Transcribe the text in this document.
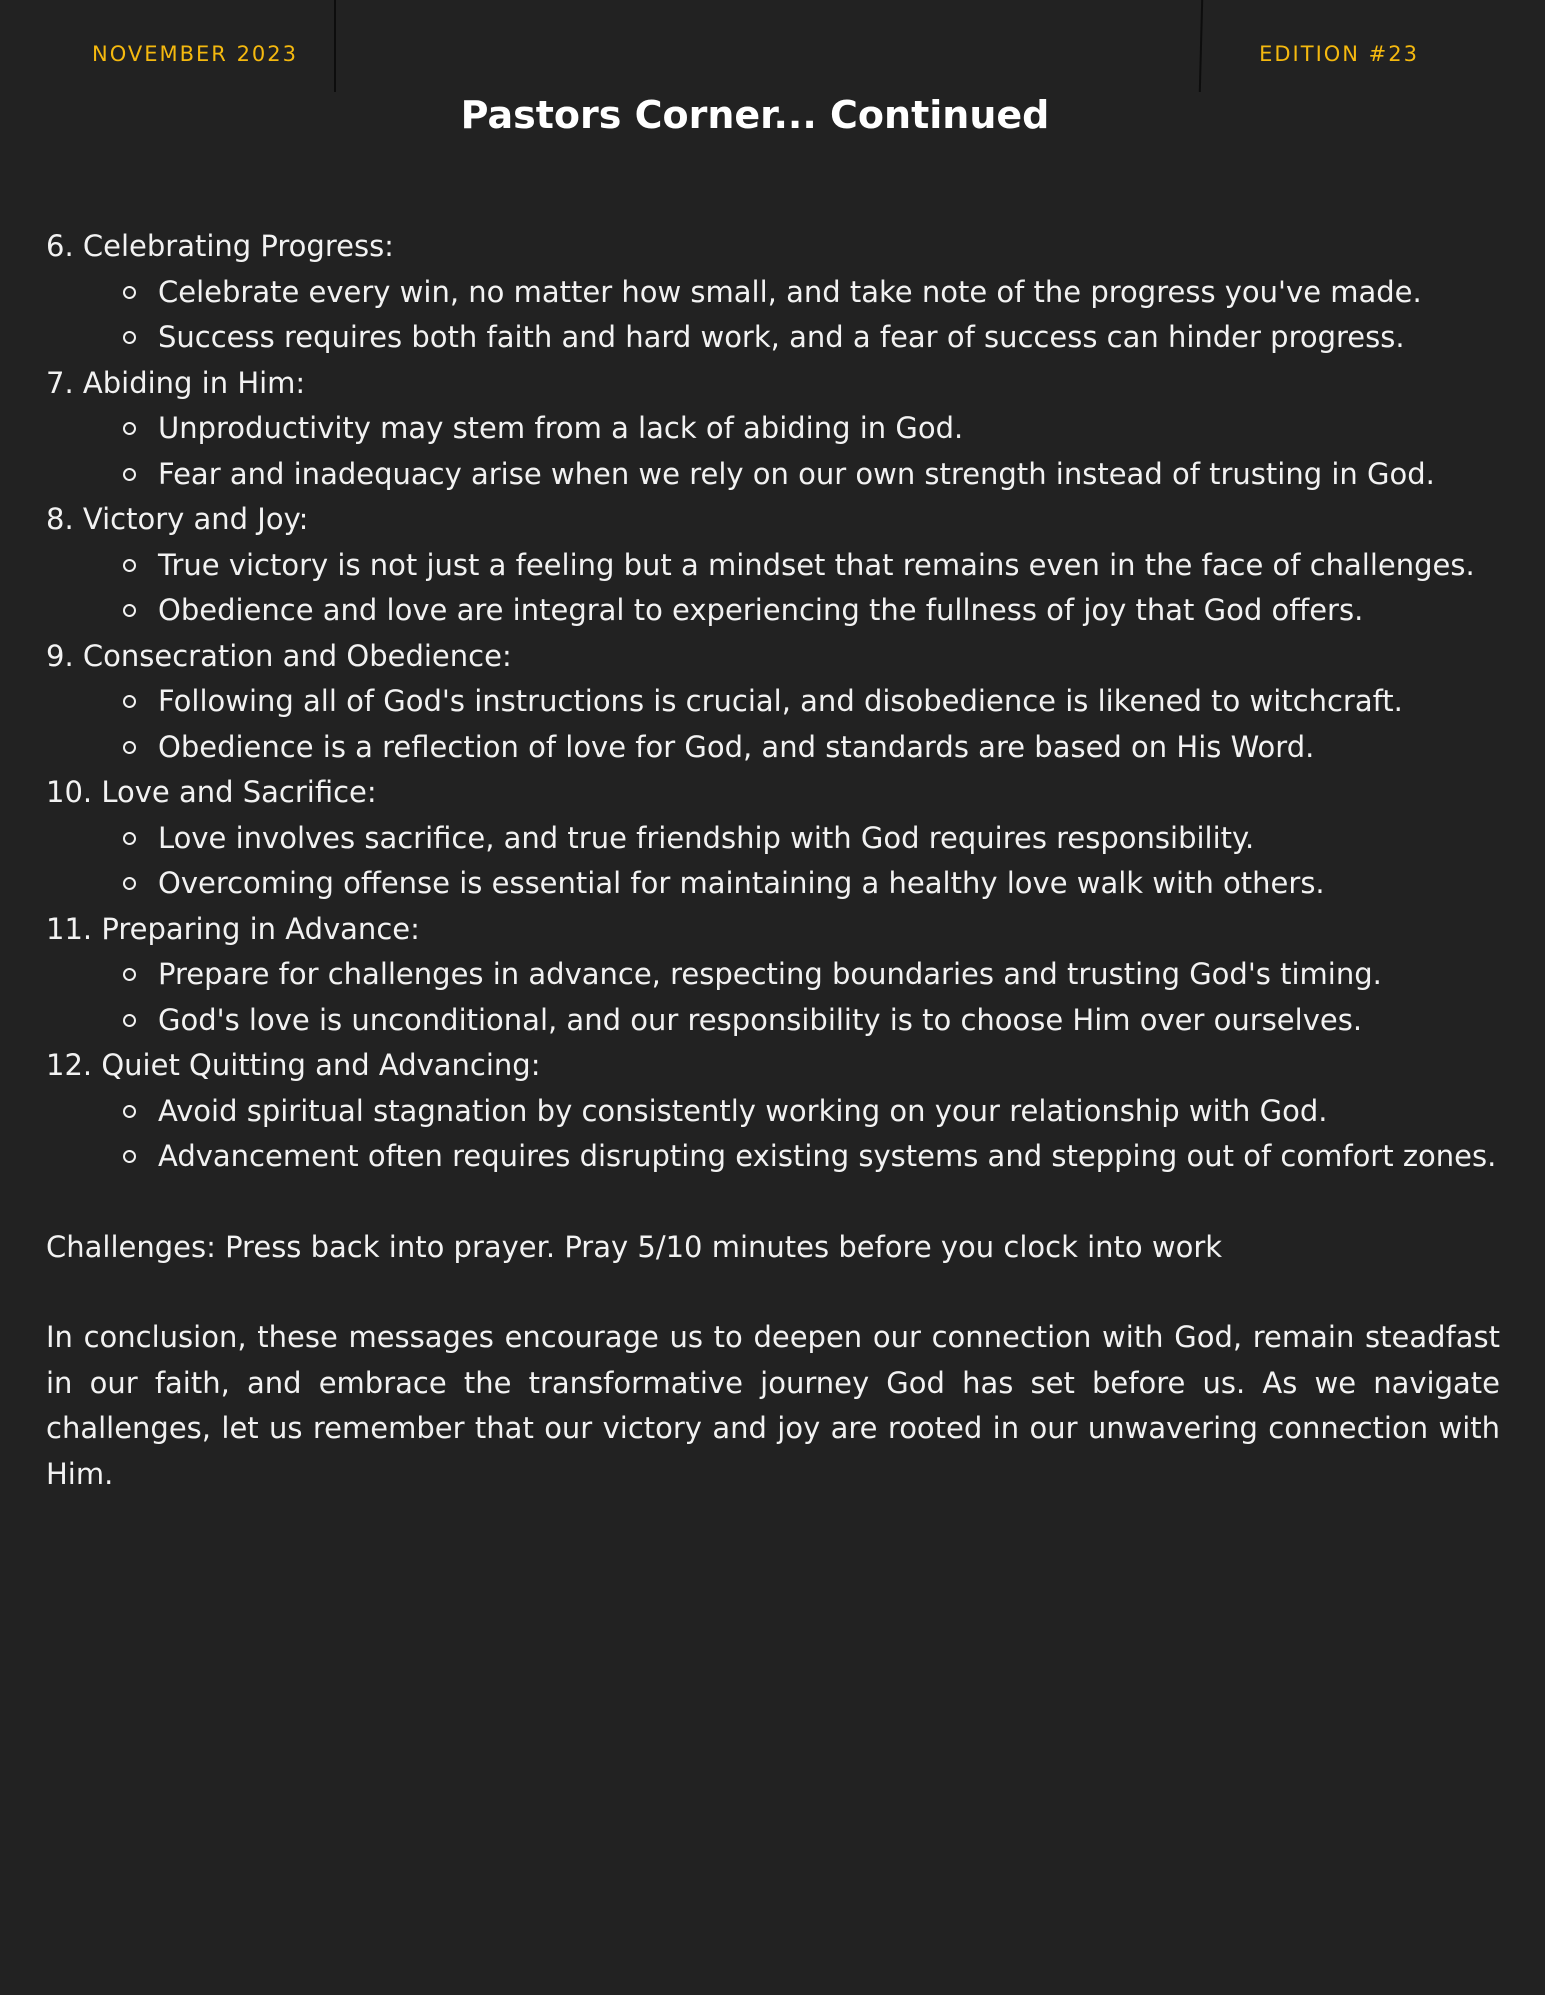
NOVEMBER 2023	EDITION #23
Pastors Corner... Continued
6. Celebrating Progress:
Celebrate every win, no matter how small, and take note of the progress you've made.
Success requires both faith and hard work, and a fear of success can hinder progress.
7. Abiding in Him:
Unproductivity may stem from a lack of abiding in God.
Fear and inadequacy arise when we rely on our own strength instead of trusting in God.
8. Victory and Joy:
True victory is not just a feeling but a mindset that remains even in the face of challenges.
Obedience and love are integral to experiencing the fullness of joy that God offers.
9. Consecration and Obedience:
Following all of God's instructions is crucial, and disobedience is likened to witchcraft.
Obedience is a reflection of love for God, and standards are based on His Word.
10. Love and Sacrifice:
Love involves sacrifice, and true friendship with God requires responsibility.
Overcoming offense is essential for maintaining a healthy love walk with others.
11. Preparing in Advance:
Prepare for challenges in advance, respecting boundaries and trusting God's timing.
God's love is unconditional, and our responsibility is to choose Him over ourselves.
12. Quiet Quitting and Advancing:
Avoid spiritual stagnation by consistently working on your relationship with God.
Advancement often requires disrupting existing systems and stepping out of comfort zones.

Challenges: Press back into prayer. Pray 5/10 minutes before you clock into work

In conclusion, these messages encourage us to deepen our connection with God, remain steadfast in our faith, and embrace the transformative journey God has set before us. As we navigate challenges, let us remember that our victory and joy are rooted in our unwavering connection with Him.
